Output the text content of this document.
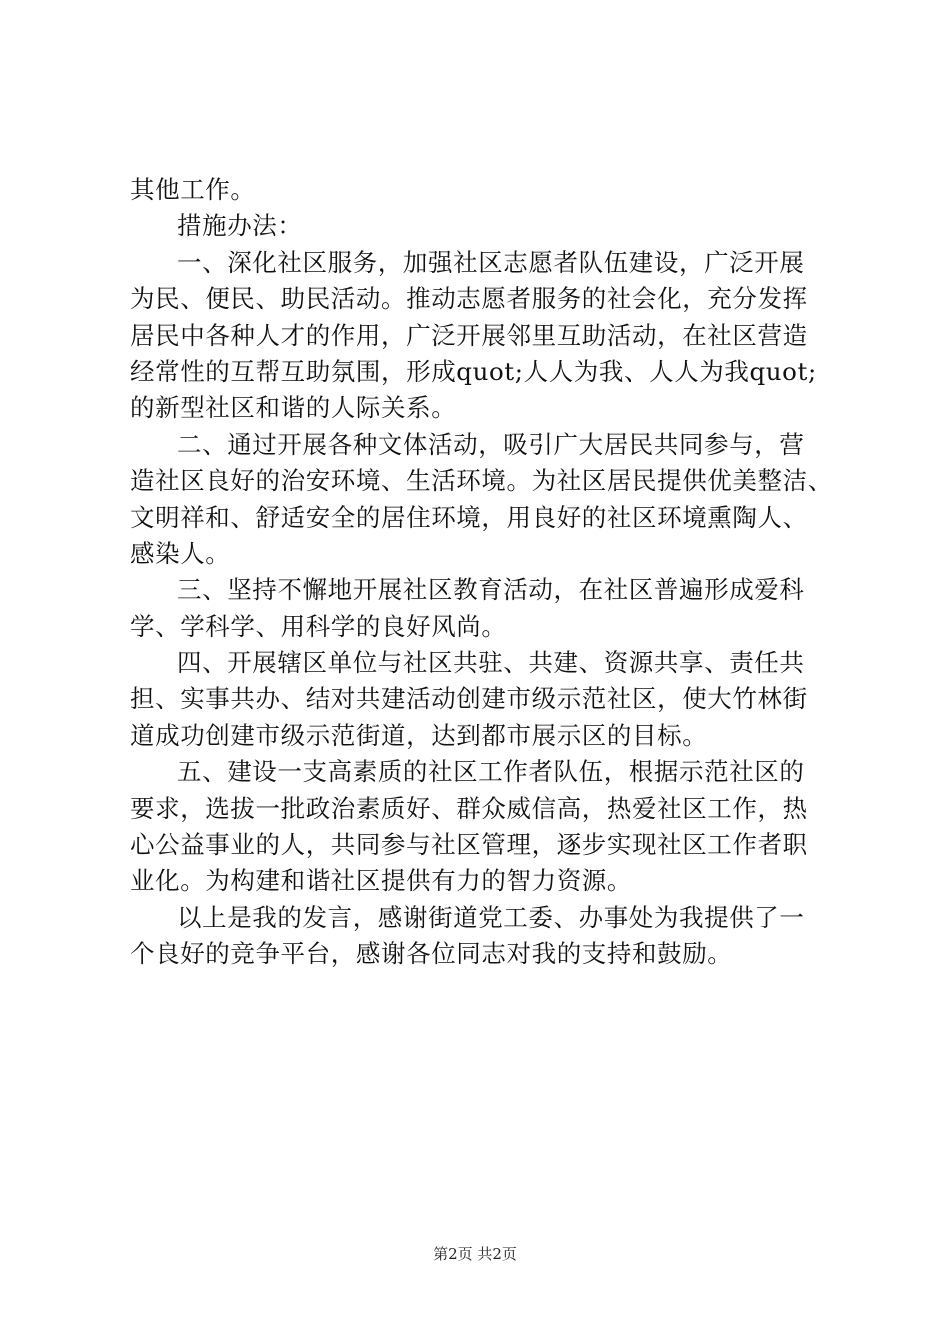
其他工作。
措施办法：
一、深化社区服务，加强社区志愿者队伍建设，广泛开展
为民、便民、助民活动。推动志愿者服务的社会化，充分发挥
居民中各种人才的作用，广泛开展邻里互助活动，在社区营造
经常性的互帮互助氛围，形成quot;人人为我、人人为我quot;
的新型社区和谐的人际关系。
二、通过开展各种文体活动，吸引广大居民共同参与，营
造社区良好的治安环境、生活环境。为社区居民提供优美整洁、
文明祥和、舒适安全的居住环境，用良好的社区环境熏陶人、
感染人。
三、坚持不懈地开展社区教育活动，在社区普遍形成爱科
学、学科学、用科学的良好风尚。
四、开展辖区单位与社区共驻、共建、资源共享、责任共
担、实事共办、结对共建活动创建市级示范社区，使大竹林街
道成功创建市级示范街道，达到都市展示区的目标。
五、建设一支高素质的社区工作者队伍，根据示范社区的
要求，选拔一批政治素质好、群众威信高，热爱社区工作，热
心公益事业的人，共同参与社区管理，逐步实现社区工作者职
业化。为构建和谐社区提供有力的智力资源。
以上是我的发言，感谢街道党工委、办事处为我提供了一
个良好的竞争平台，感谢各位同志对我的支持和鼓励。
第2页 共2页
